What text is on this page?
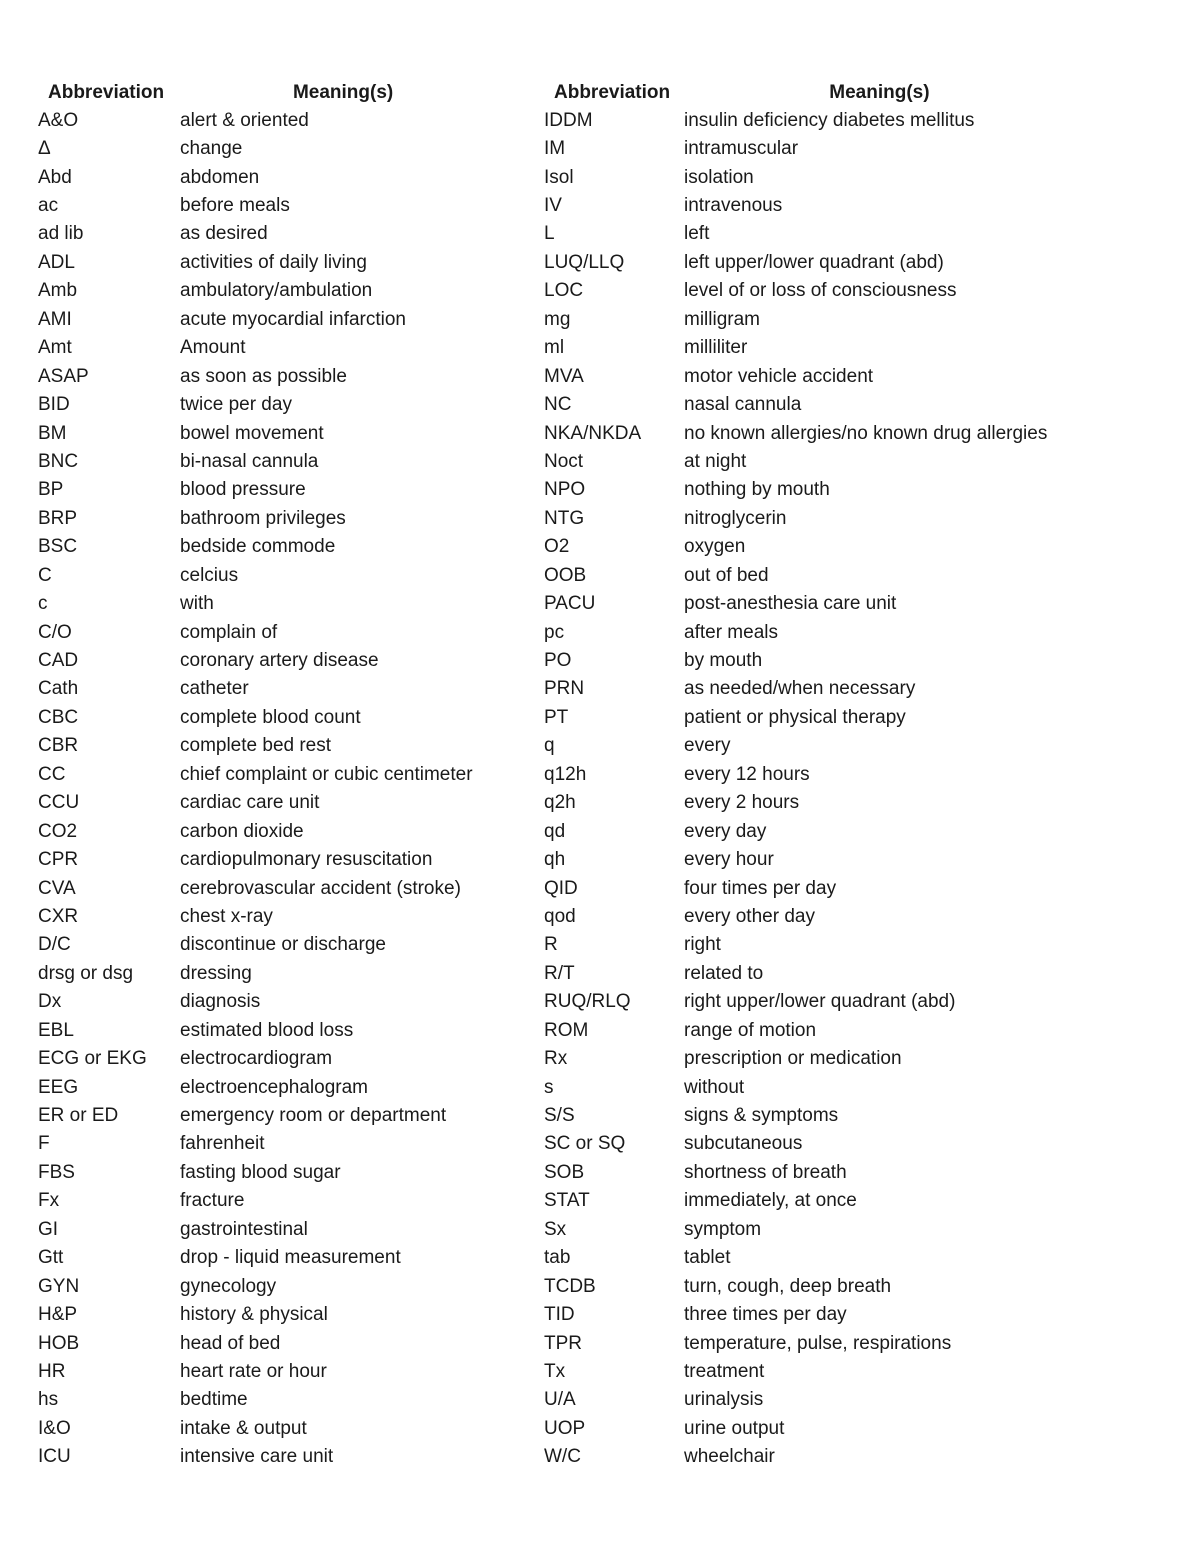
Abbreviation	Meaning(s)
A&O	alert & oriented
Δ	change
Abd	abdomen
ac	before meals
ad lib	as desired
ADL	activities of daily living
Amb	ambulatory/ambulation
AMI	acute myocardial infarction
Amt	Amount
ASAP	as soon as possible
BID	twice per day
BM	bowel movement
BNC	bi-nasal cannula
BP	blood pressure
BRP	bathroom privileges
BSC	bedside commode
C	celcius
c	with
C/O	complain of
CAD	coronary artery disease
Cath	catheter
CBC	complete blood count
CBR	complete bed rest
CC	chief complaint or cubic centimeter
CCU	cardiac care unit
CO2	carbon dioxide
CPR	cardiopulmonary resuscitation
CVA	cerebrovascular accident (stroke)
CXR	chest x-ray
D/C	discontinue or discharge
drsg or dsg	dressing
Dx	diagnosis
EBL	estimated blood loss
ECG or EKG	electrocardiogram
EEG	electroencephalogram
ER or ED	emergency room or department
F	fahrenheit
FBS	fasting blood sugar
Fx	fracture
GI	gastrointestinal
Gtt	drop - liquid measurement
GYN	gynecology
H&P	history & physical
HOB	head of bed
HR	heart rate or hour
hs	bedtime
I&O	intake & output
ICU	intensive care unit
Abbreviation	Meaning(s)
IDDM	insulin deficiency diabetes mellitus
IM	intramuscular
Isol	isolation
IV	intravenous
L	left
LUQ/LLQ	left upper/lower quadrant (abd)
LOC	level of or loss of consciousness
mg	milligram
ml	milliliter
MVA	motor vehicle accident
NC	nasal cannula
NKA/NKDA	no known allergies/no known drug allergies
Noct	at night
NPO	nothing by mouth
NTG	nitroglycerin
O2	oxygen
OOB	out of bed
PACU	post-anesthesia care unit
pc	after meals
PO	by mouth
PRN	as needed/when necessary
PT	patient or physical therapy
q	every
q12h	every 12 hours
q2h	every 2 hours
qd	every day
qh	every hour
QID	four times per day
qod	every other day
R	right
R/T	related to
RUQ/RLQ	right upper/lower quadrant (abd)
ROM	range of motion
Rx	prescription or medication
s	without
S/S	signs & symptoms
SC or SQ	subcutaneous
SOB	shortness of breath
STAT	immediately, at once
Sx	symptom
tab	tablet
TCDB	turn, cough, deep breath
TID	three times per day
TPR	temperature, pulse, respirations
Tx	treatment
U/A	urinalysis
UOP	urine output
W/C	wheelchair
